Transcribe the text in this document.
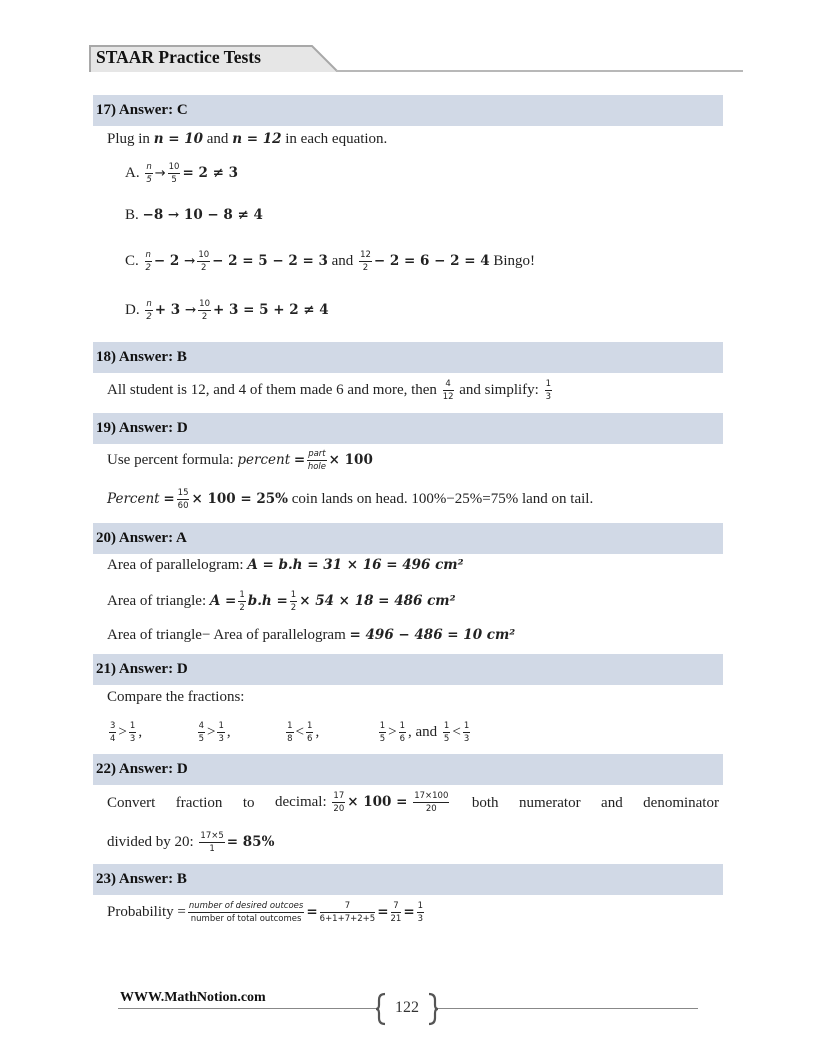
STAAR Practice Tests
17) Answer: C
Plug in n = 10 and n = 12 in each equation.
A. $\frac{n}{5} \to \frac{10}{5} = 2 \ne 3$
B. −8 → 10 − 8 ≠ 4
C. $\frac{n}{2} - 2 \to \frac{10}{2} - 2 = 5 - 2 = 3$ and $\frac{12}{2} - 2 = 6 - 2 = 4$ Bingo!
D. $\frac{n}{2} + 3 \to \frac{10}{2} + 3 = 5 + 2 \ne 4$
18) Answer: B
All student is 12, and 4 of them made 6 and more, then $\frac{4}{12}$ and simplify: $\frac{1}{3}$
19) Answer: D
Use percent formula: percent = $\frac{\text{part}}{\text{hole}} \times 100$
Percent = $\frac{15}{60} \times 100 = 25\%$ coin lands on head. 100%−25%=75% land on tail.
20) Answer: A
Area of parallelogram: A = b.h = 31 × 16 = 496 cm²
Area of triangle: $A = \frac{1}{2} b.h = \frac{1}{2} \times 54 \times 18 = 486$ cm²
Area of triangle− Area of parallelogram = 496 − 486 = 10 cm²
21) Answer: D
Compare the fractions:
$\frac{3}{4} > \frac{1}{3}$ ,	$\frac{4}{5} > \frac{1}{3}$ ,	$\frac{1}{8} < \frac{1}{6}$ ,	$\frac{1}{5} > \frac{1}{6}$ , and $\frac{1}{5} < \frac{1}{3}$
22) Answer: D
Convert fraction to decimal: $\frac{17}{20} \times 100 = \frac{17\times 100}{20}$ both numerator and denominator
divided by 20: $\frac{17\times 5}{1} = 85\%$
23) Answer: B
Probability = $\frac{\text{number of desired outcoes}}{\text{number of total outcomes}} = \frac{7}{6+1+7+2+5} = \frac{7}{21} = \frac{1}{3}$
WWW.MathNotion.com
122
